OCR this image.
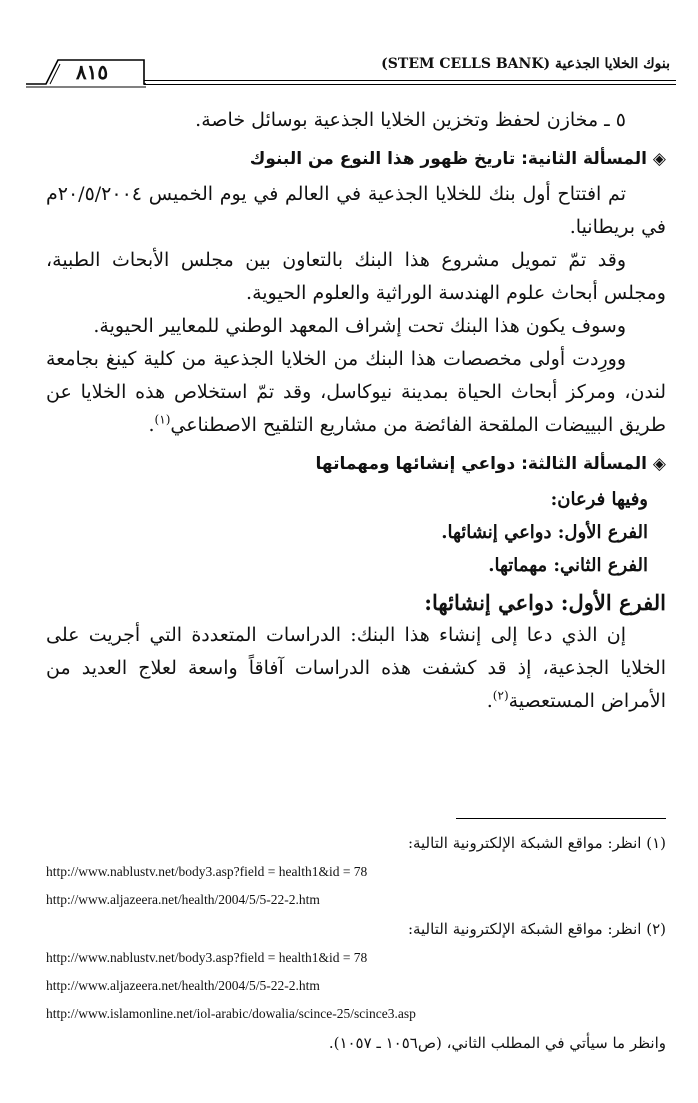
بنوك الخلايا الجذعية (STEM CELLS BANK)
٨١٥

٥ ـ مخازن لحفظ وتخزين الخلايا الجذعية بوسائل خاصة.

◈ المسألة الثانية: تاريخ ظهور هذا النوع من البنوك

تم افتتاح أول بنك للخلايا الجذعية في العالم في يوم الخميس ٢٠/٥/٢٠٠٤م في بريطانيا.

وقد تمّ تمويل مشروع هذا البنك بالتعاون بين مجلس الأبحاث الطبية، ومجلس أبحاث علوم الهندسة الوراثية والعلوم الحيوية.

وسوف يكون هذا البنك تحت إشراف المعهد الوطني للمعايير الحيوية.

وورِدت أولى مخصصات هذا البنك من الخلايا الجذعية من كلية كينغ بجامعة لندن، ومركز أبحاث الحياة بمدينة نيوكاسل، وقد تمّ استخلاص هذه الخلايا عن طريق البييضات الملقحة الفائضة من مشاريع التلقيح الاصطناعي$^{(١)}$.

◈ المسألة الثالثة: دواعي إنشائها ومهماتها

وفيها فرعان:

الفرع الأول: دواعي إنشائها.

الفرع الثاني: مهماتها.

الفرع الأول: دواعي إنشائها:

إن الذي دعا إلى إنشاء هذا البنك: الدراسات المتعددة التي أجريت على الخلايا الجذعية، إذ قد كشفت هذه الدراسات آفاقاً واسعة لعلاج العديد من الأمراض المستعصية$^{(٢)}$.

(١) انظر: مواقع الشبكة الإلكترونية التالية:
http://www.nablustv.net/body3.asp?field = health1&id = 78
http://www.aljazeera.net/health/2004/5/5-22-2.htm
(٢) انظر: مواقع الشبكة الإلكترونية التالية:
http://www.nablustv.net/body3.asp?field = health1&id = 78
http://www.aljazeera.net/health/2004/5/5-22-2.htm
http://www.islamonline.net/iol-arabic/dowalia/scince-25/scince3.asp
وانظر ما سيأتي في المطلب الثاني، (ص١٠٥٦ ـ ١٠٥٧).
